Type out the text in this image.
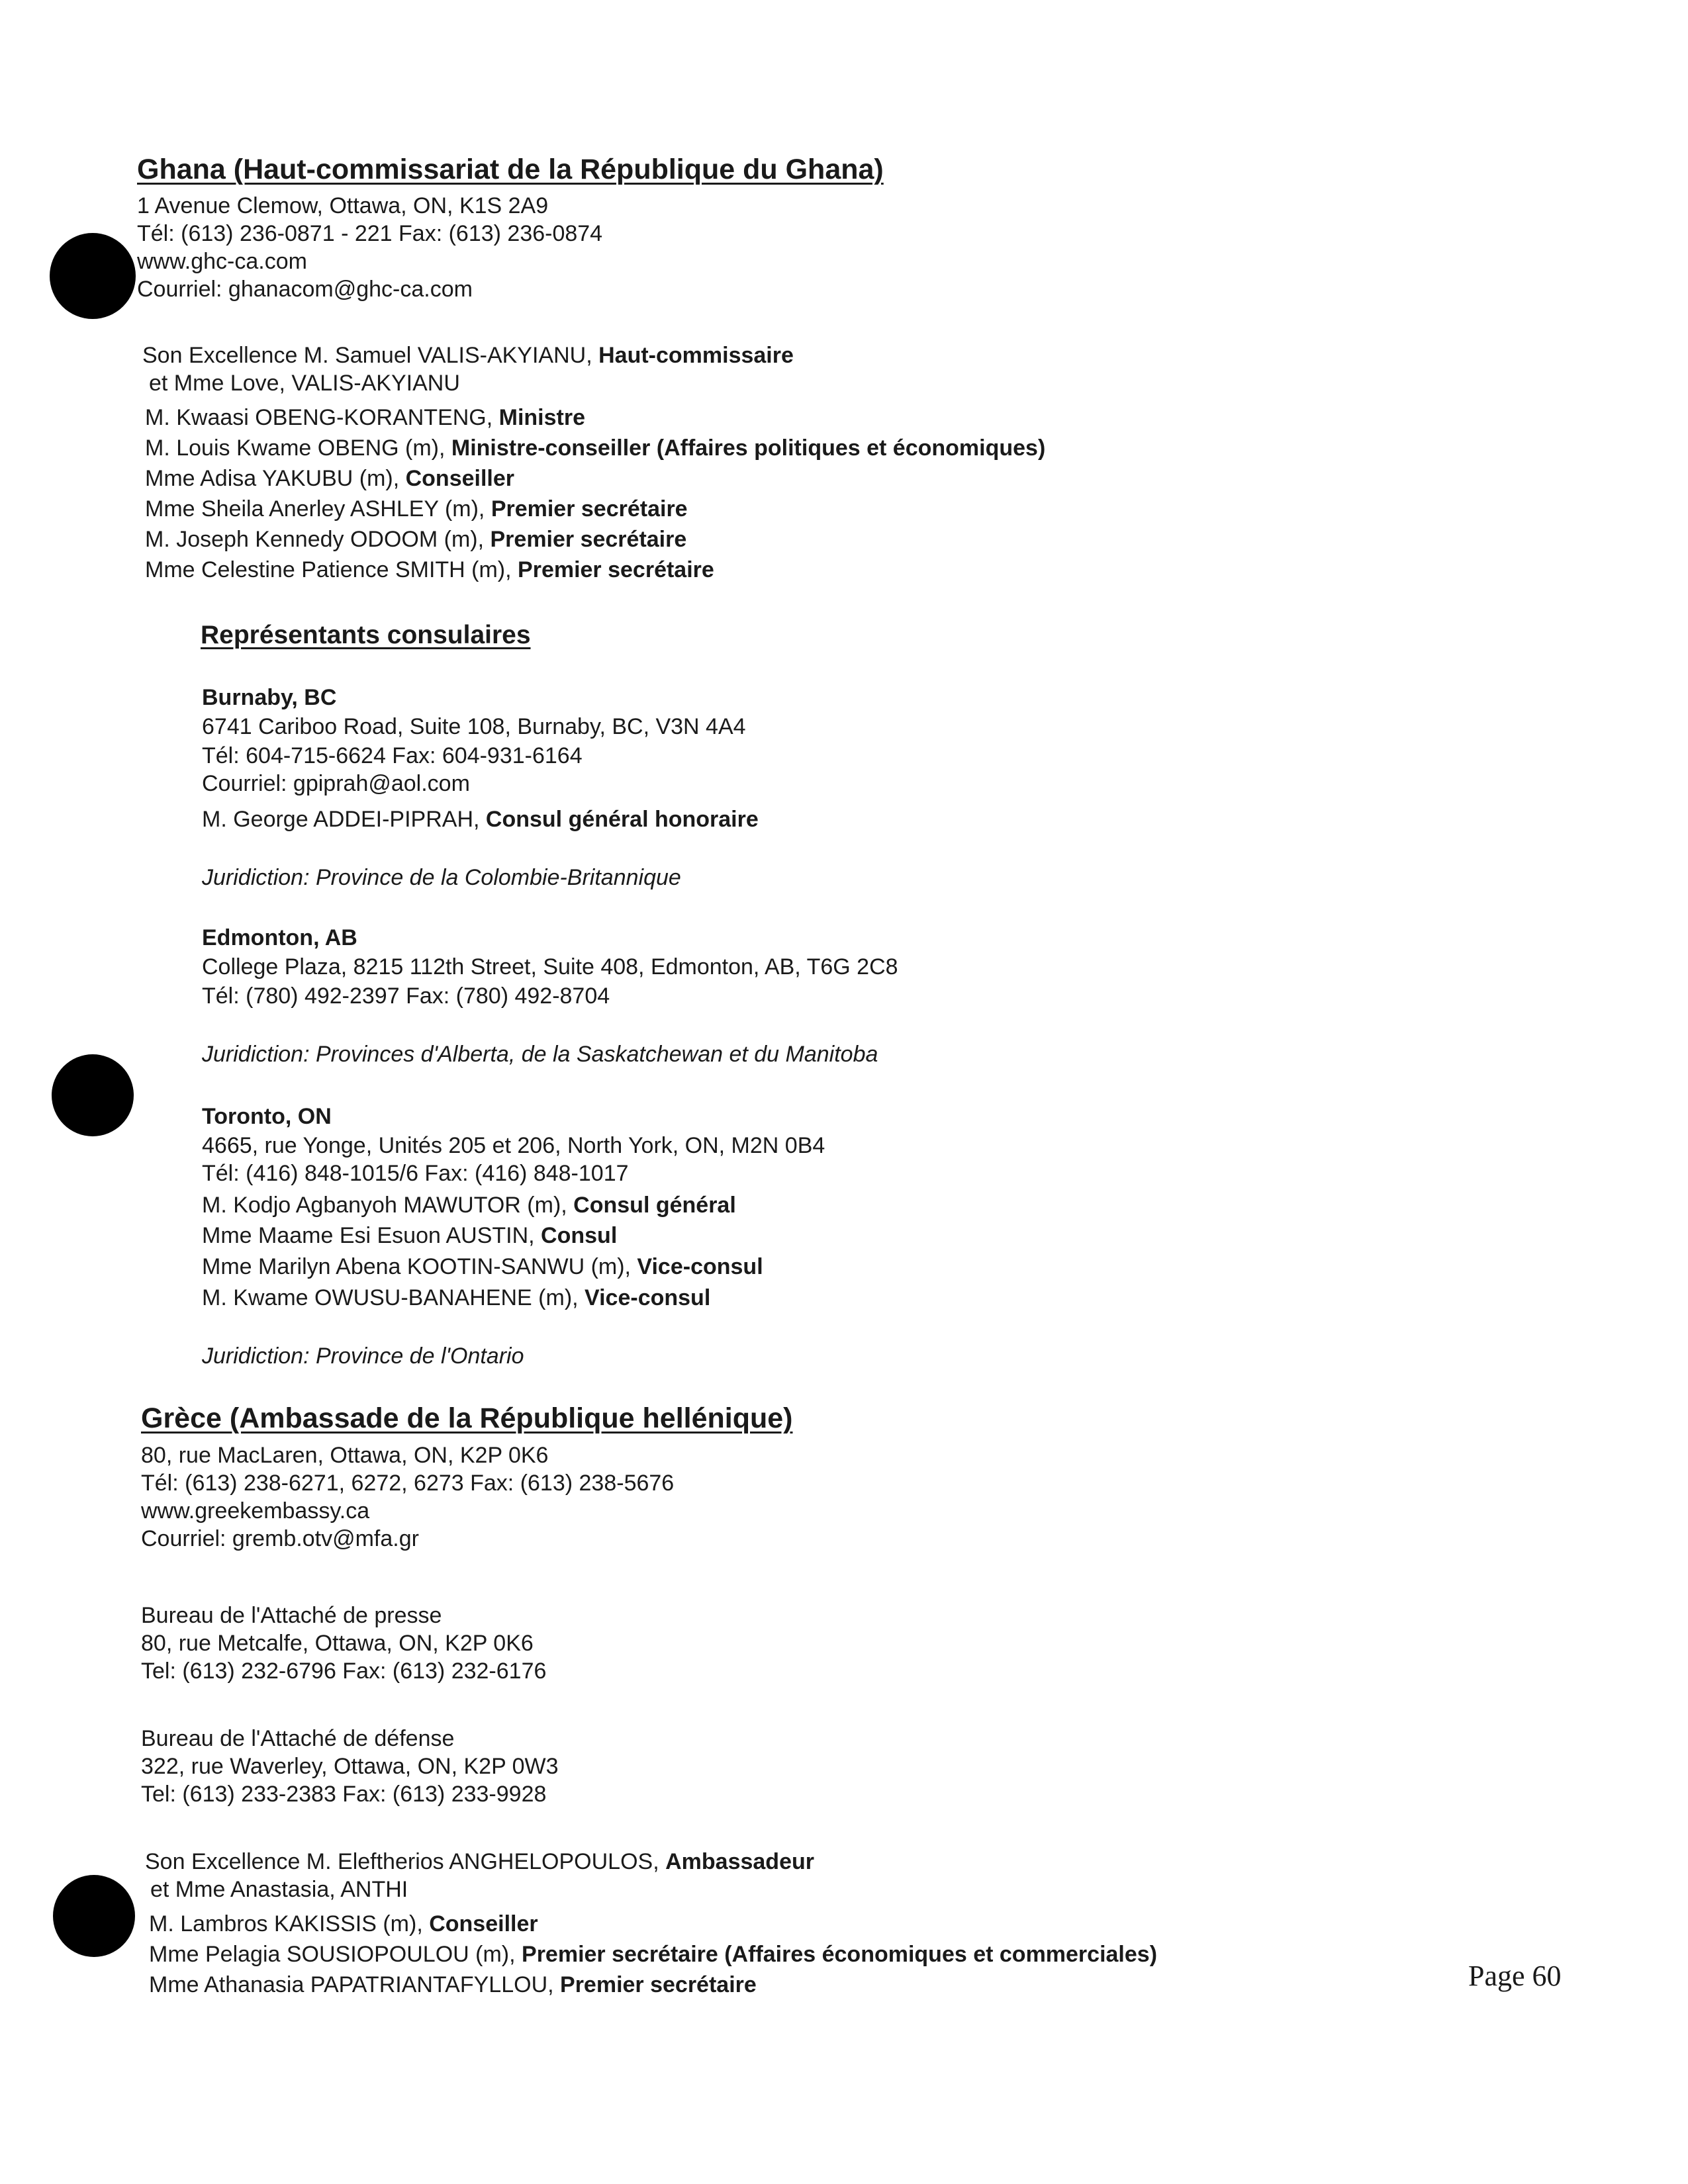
Ghana (Haut-commissariat de la République du Ghana)
1 Avenue Clemow, Ottawa, ON, K1S 2A9
Tél: (613) 236-0871 - 221 Fax: (613) 236-0874
www.ghc-ca.com
Courriel: ghanacom@ghc-ca.com
Son Excellence M. Samuel VALIS-AKYIANU, Haut-commissaire
et Mme Love, VALIS-AKYIANU
M. Kwaasi OBENG-KORANTENG, Ministre
M. Louis Kwame OBENG (m), Ministre-conseiller (Affaires politiques et économiques)
Mme Adisa YAKUBU (m), Conseiller
Mme Sheila Anerley ASHLEY (m), Premier secrétaire
M. Joseph Kennedy ODOOM (m), Premier secrétaire
Mme Celestine Patience SMITH (m), Premier secrétaire
Représentants consulaires
Burnaby, BC
6741 Cariboo Road, Suite 108, Burnaby, BC, V3N 4A4
Tél: 604-715-6624 Fax: 604-931-6164
Courriel: gpiprah@aol.com
M. George ADDEI-PIPRAH, Consul général honoraire
Juridiction: Province de la Colombie-Britannique
Edmonton, AB
College Plaza, 8215 112th Street, Suite 408, Edmonton, AB, T6G 2C8
Tél: (780) 492-2397 Fax: (780) 492-8704
Juridiction: Provinces d'Alberta, de la Saskatchewan et du Manitoba
Toronto, ON
4665, rue Yonge, Unités 205 et 206, North York, ON, M2N 0B4
Tél: (416) 848-1015/6 Fax: (416) 848-1017
M. Kodjo Agbanyoh MAWUTOR (m), Consul général
Mme Maame Esi Esuon AUSTIN, Consul
Mme Marilyn Abena KOOTIN-SANWU (m), Vice-consul
M. Kwame OWUSU-BANAHENE (m), Vice-consul
Juridiction: Province de l'Ontario
Grèce (Ambassade de la République hellénique)
80, rue MacLaren, Ottawa, ON, K2P 0K6
Tél: (613) 238-6271, 6272, 6273 Fax: (613) 238-5676
www.greekembassy.ca
Courriel: gremb.otv@mfa.gr
Bureau de l'Attaché de presse
80, rue Metcalfe, Ottawa, ON, K2P 0K6
Tel: (613) 232-6796 Fax: (613) 232-6176
Bureau de l'Attaché de défense
322, rue Waverley, Ottawa, ON, K2P 0W3
Tel: (613) 233-2383 Fax: (613) 233-9928
Son Excellence M. Eleftherios ANGHELOPOULOS, Ambassadeur
et Mme Anastasia, ANTHI
M. Lambros KAKISSIS (m), Conseiller
Mme Pelagia SOUSIOPOULOU (m), Premier secrétaire (Affaires économiques et commerciales)
Mme Athanasia PAPATRIANTAFYLLOU, Premier secrétaire	Page 60
